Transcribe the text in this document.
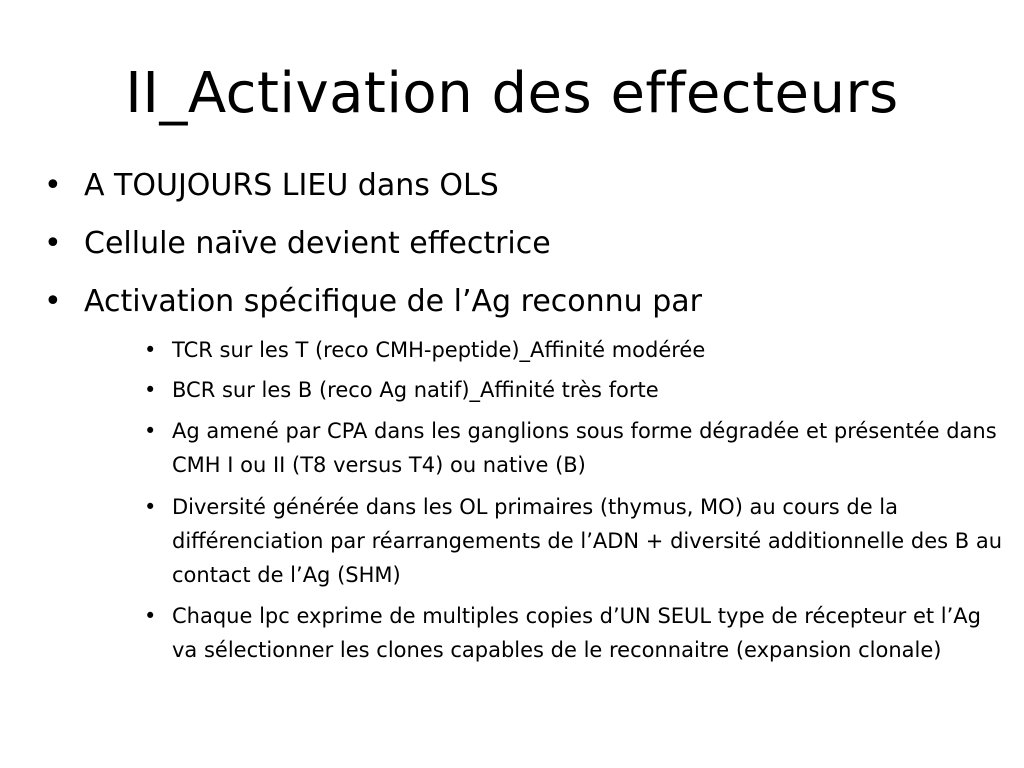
II_Activation des effecteurs
• A TOUJOURS LIEU dans OLS
• Cellule naïve devient effectrice
• Activation spécifique de l’Ag reconnu par
• TCR sur les T (reco CMH-peptide)_Affinité modérée
• BCR sur les B (reco Ag natif)_Affinité très forte
• Ag amené par CPA dans les ganglions sous forme dégradée et présentée dans CMH I ou II (T8 versus T4) ou native (B)
• Diversité générée dans les OL primaires (thymus, MO) au cours de la différenciation par réarrangements de l’ADN + diversité additionnelle des B au contact de l’Ag (SHM)
• Chaque lpc exprime de multiples copies d’UN SEUL type de récepteur et l’Ag va sélectionner les clones capables de le reconnaitre (expansion clonale)
